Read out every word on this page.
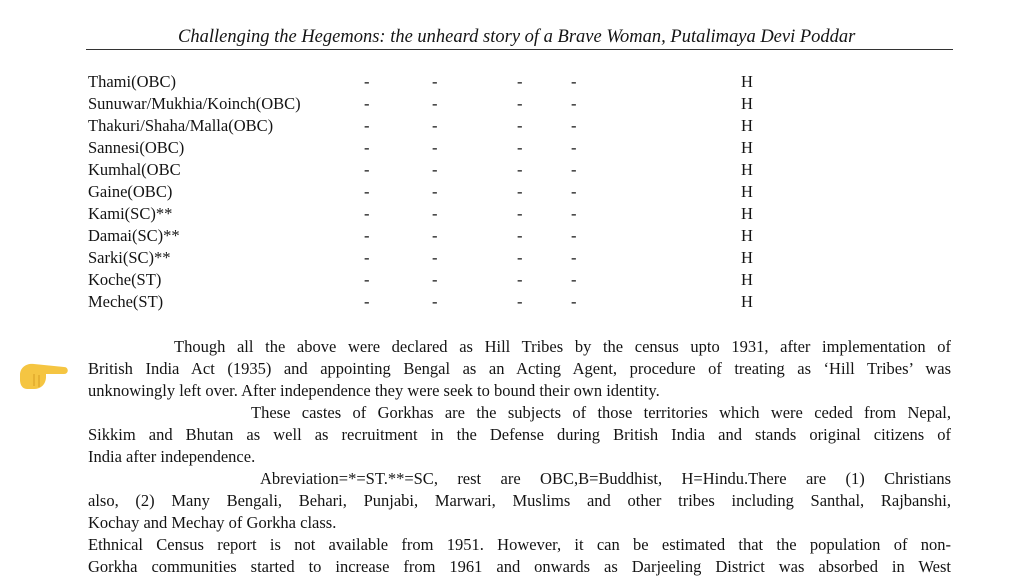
Challenging the Hegemons: the unheard story of a Brave Woman, Putalimaya Devi Poddar
Thami(OBC)	-	-	-	-	H
Sunuwar/Mukhia/Koinch(OBC)	-	-	-	-	H
Thakuri/Shaha/Malla(OBC)	-	-	-	-	H
Sannesi(OBC)	-	-	-	-	H
Kumhal(OBC	-	-	-	-	H
Gaine(OBC)	-	-	-	-	H
Kami(SC)**	-	-	-	-	H
Damai(SC)**	-	-	-	-	H
Sarki(SC)**	-	-	-	-	H
Koche(ST)	-	-	-	-	H
Meche(ST)	-	-	-	-	H
Though all the above were declared as Hill Tribes by the census upto 1931, after implementation of
British India Act (1935) and appointing Bengal as an Acting Agent, procedure of treating as ‘Hill Tribes’ was
unknowingly left over. After independence they were seek to bound their own identity.
These castes of Gorkhas are the subjects of those territories which were ceded from Nepal,
Sikkim and Bhutan as well as recruitment in the Defense during British India and stands original citizens of
India after independence.
Abreviation=*=ST.**=SC, rest are OBC,B=Buddhist, H=Hindu.There are (1) Christians
also, (2) Many Bengali, Behari, Punjabi, Marwari, Muslims and other tribes including Santhal, Rajbanshi,
Kochay and Mechay of Gorkha class.
Ethnical Census report is not available from 1951. However, it can be estimated that the population of non-
Gorkha communities started to increase from 1961 and onwards as Darjeeling District was absorbed in West
